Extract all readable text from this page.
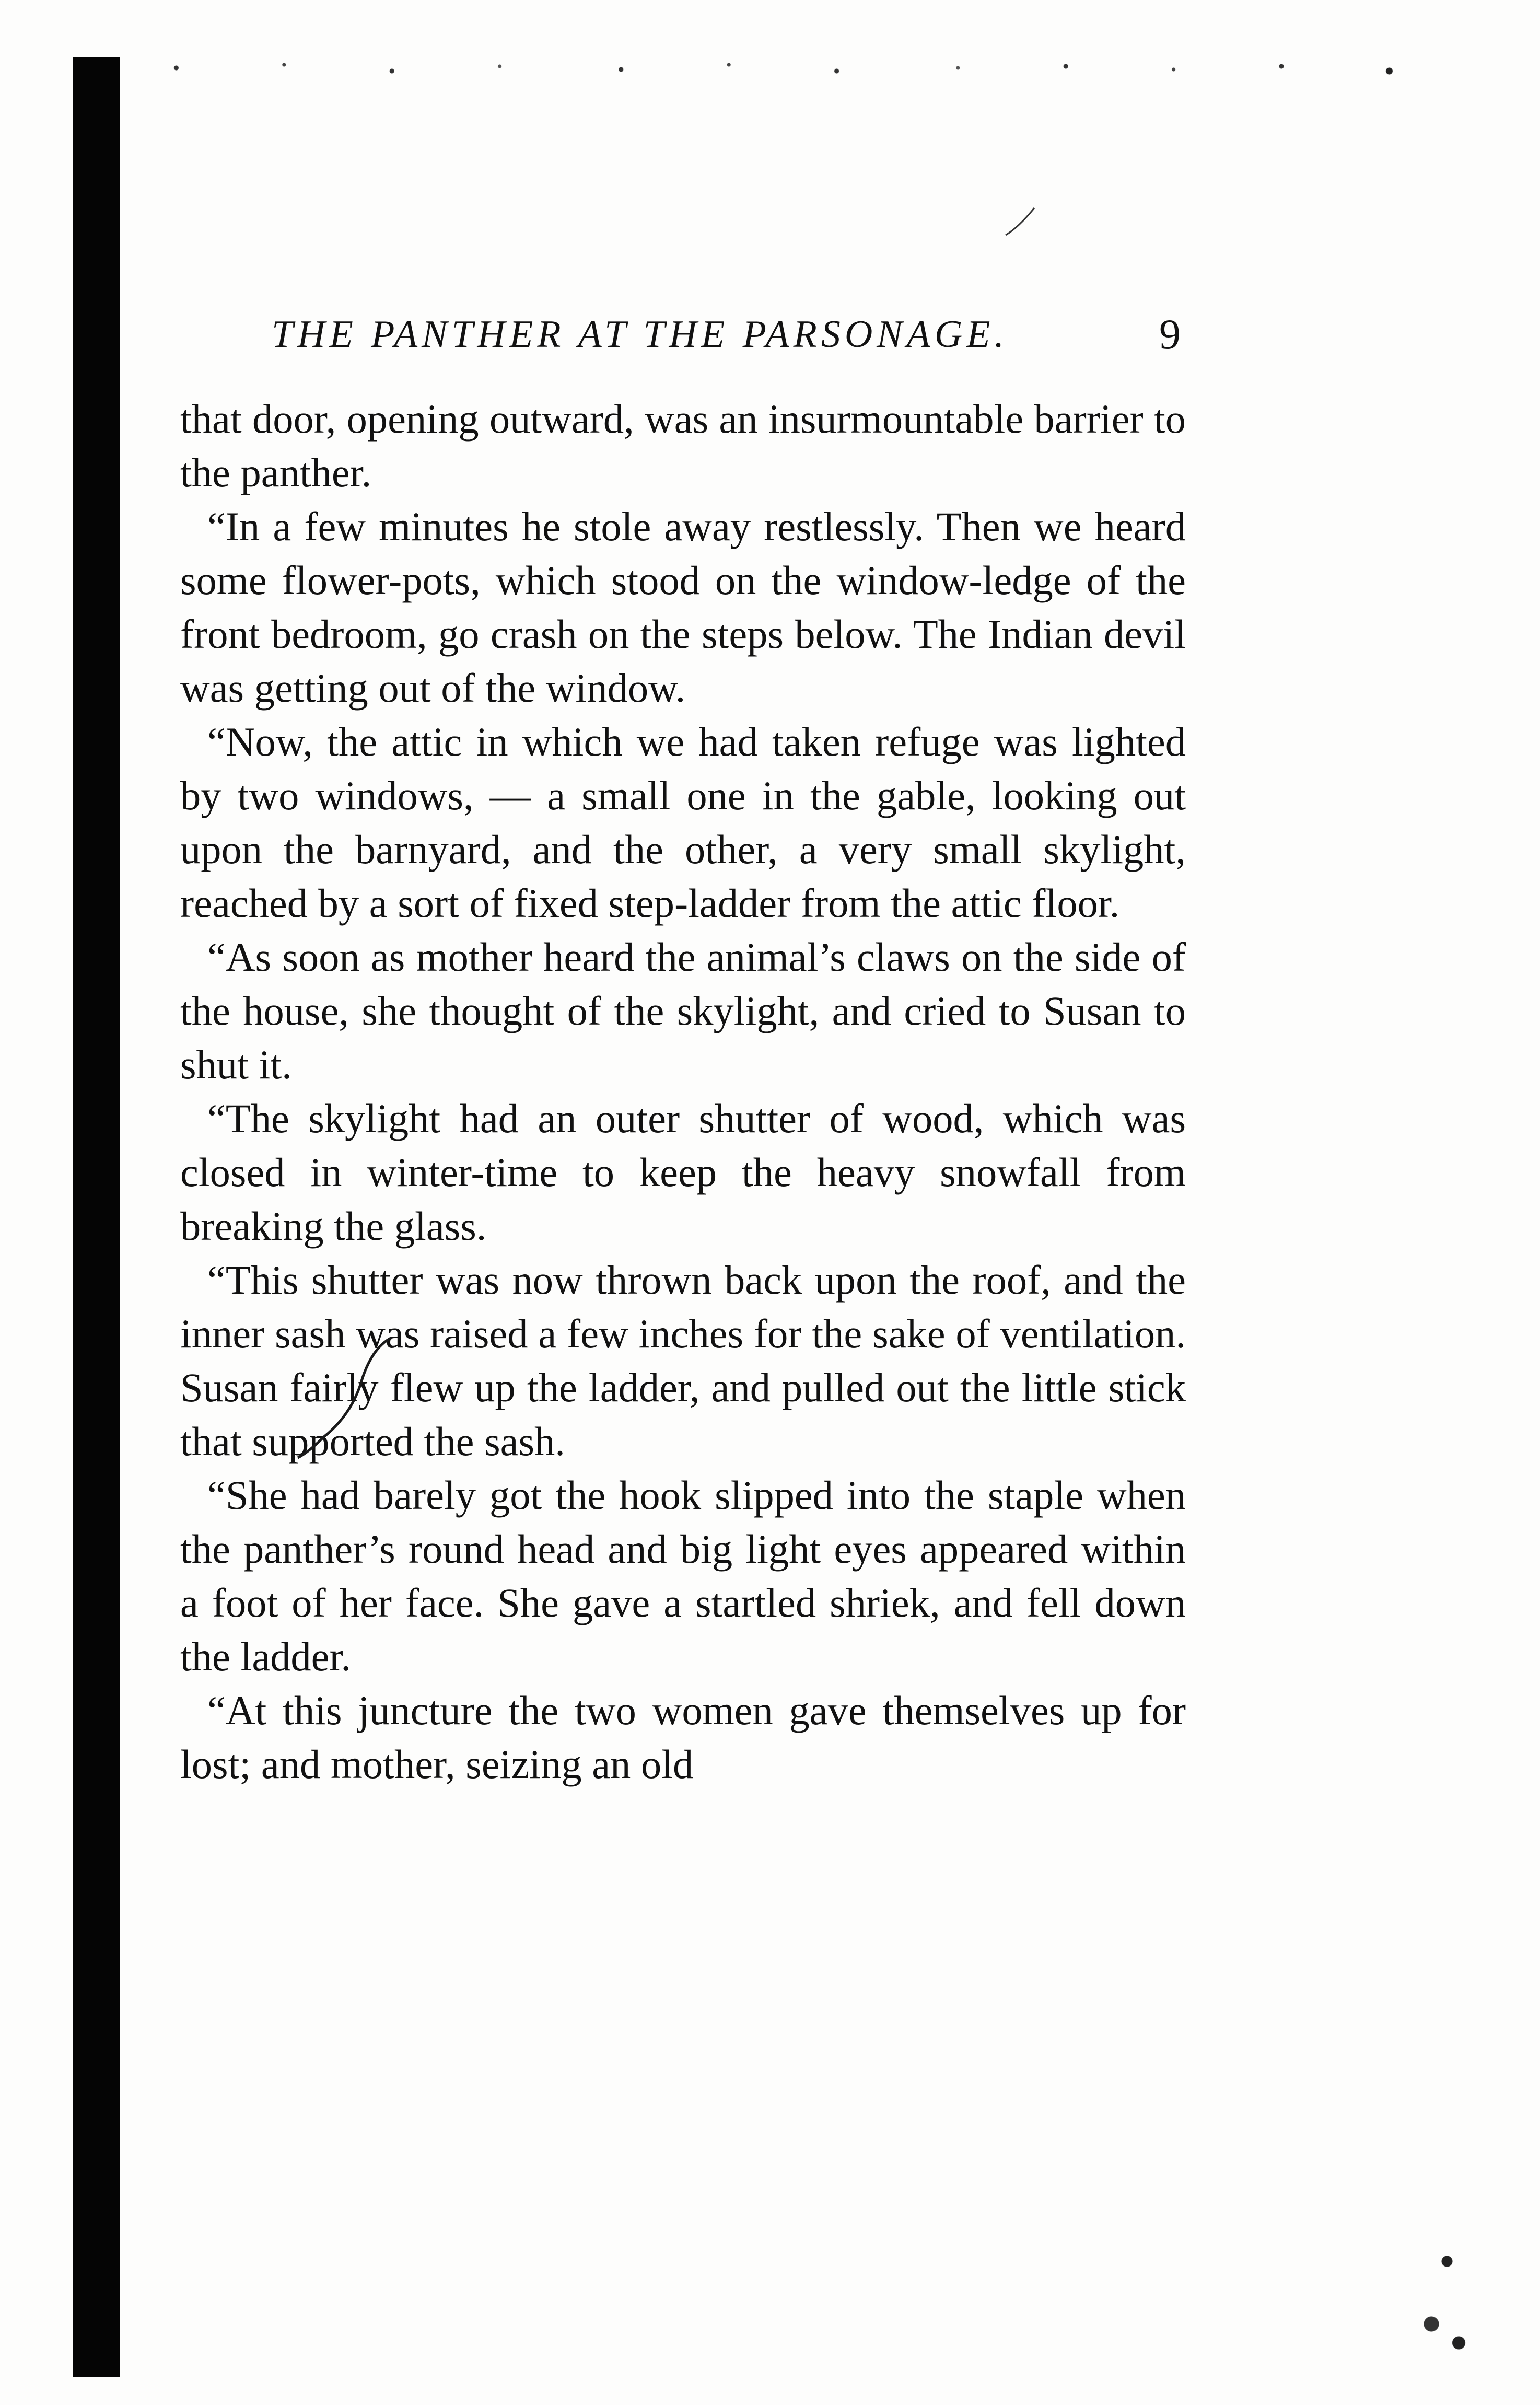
THE PANTHER AT THE PARSONAGE.	9

that door, opening outward, was an insurmountable barrier to the panther.

“In a few minutes he stole away restlessly. Then we heard some flower-pots, which stood on the window-ledge of the front bedroom, go crash on the steps below. The Indian devil was getting out of the window.

“Now, the attic in which we had taken refuge was lighted by two windows, — a small one in the gable, looking out upon the barnyard, and the other, a very small skylight, reached by a sort of fixed step-ladder from the attic floor.

“As soon as mother heard the animal’s claws on the side of the house, she thought of the skylight, and cried to Susan to shut it.

“The skylight had an outer shutter of wood, which was closed in winter-time to keep the heavy snowfall from breaking the glass.

“This shutter was now thrown back upon the roof, and the inner sash was raised a few inches for the sake of ventilation. Susan fairly flew up the ladder, and pulled out the little stick that supported the sash.

“She had barely got the hook slipped into the staple when the panther’s round head and big light eyes appeared within a foot of her face. She gave a startled shriek, and fell down the ladder.

“At this juncture the two women gave themselves up for lost; and mother, seizing an old
